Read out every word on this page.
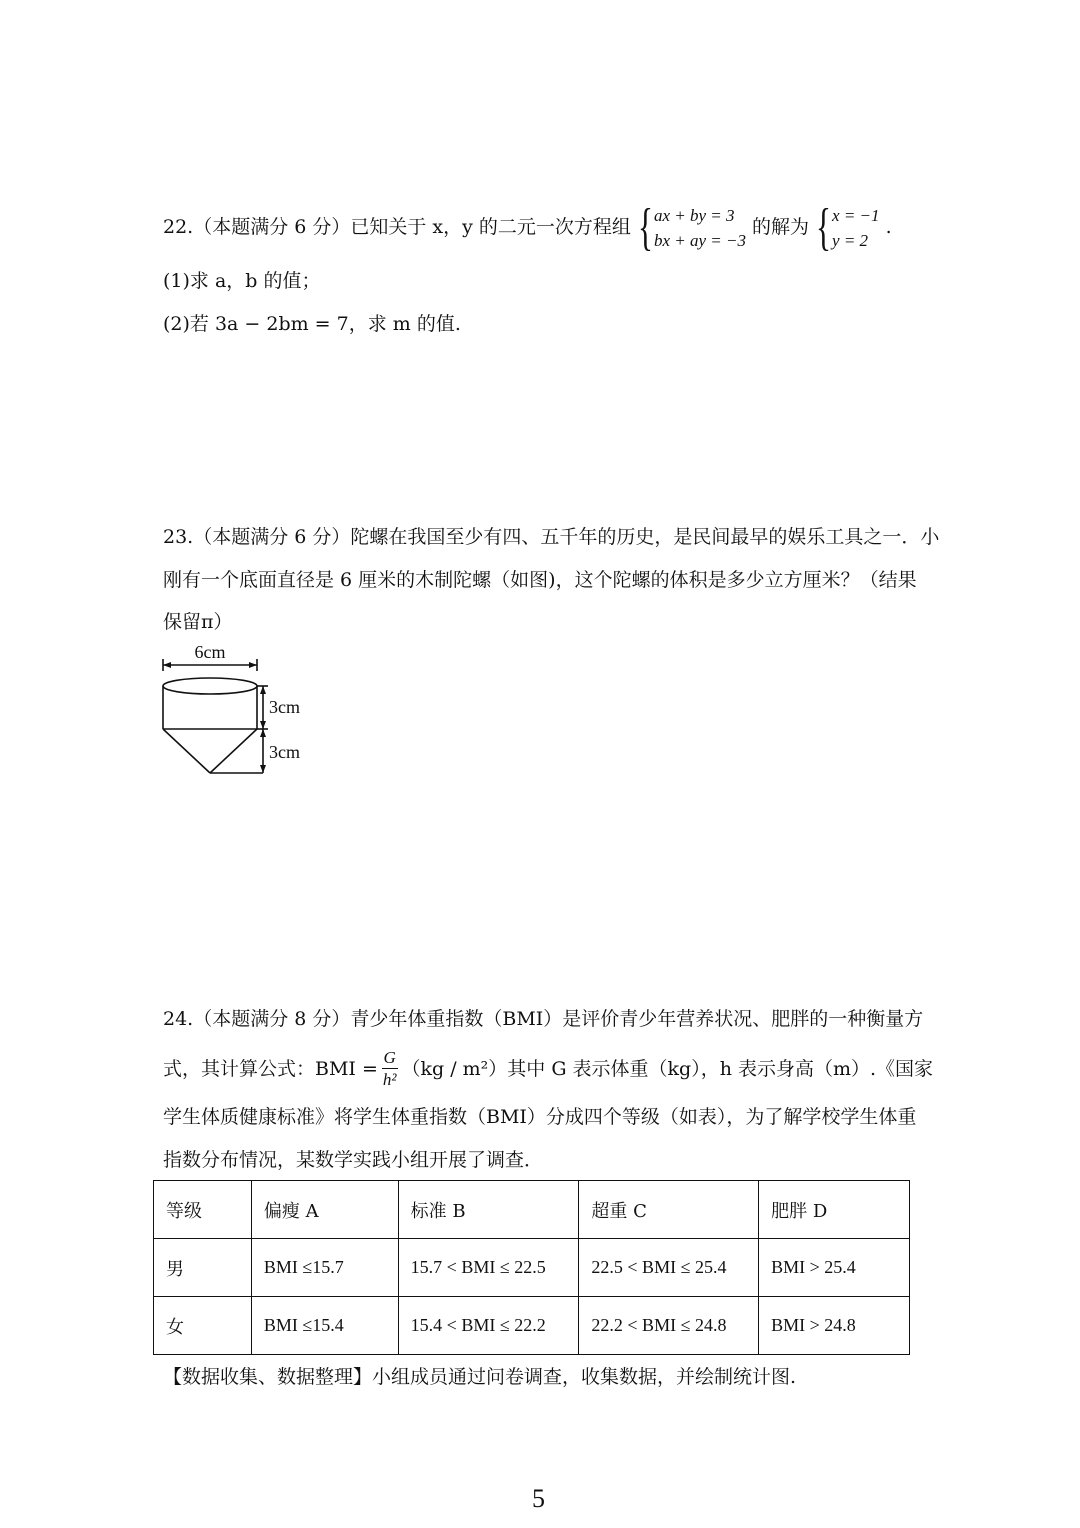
22.（本题满分 6 分）已知关于 x，y 的二元一次方程组 { ax + by = 3
bx + ay = −3
的解为 { x = −1
y = 2
.
(1)求 a，b 的值；
(2)若 3a − 2bm = 7，求 m 的值.
23.（本题满分 6 分）陀螺在我国至少有四、五千年的历史，是民间最早的娱乐工具之一．小
刚有一个底面直径是 6 厘米的木制陀螺（如图)，这个陀螺的体积是多少立方厘米？（结果
保留π）
6cm
3cm
3cm
24.（本题满分 8 分）青少年体重指数（BMI）是评价青少年营养状况、肥胖的一种衡量方
式，其计算公式：BMI = $\frac{G}{\text{h²}} (kg / m^2)$其中 G 表示体重（kg），h 表示身高（m）.《国家
学生体质健康标准》将学生体重指数（BMI）分成四个等级（如表），为了解学校学生体重
指数分布情况，某数学实践小组开展了调查．
等级	偏瘦 A	标准 B	超重 C	肥胖 D
男	BMI ≤15.7	15.7 < BMI ≤ 22.5	22.5 < BMI ≤ 25.4	BMI > 25.4
女	BMI ≤15.4	15.4 < BMI ≤ 22.2	22.2 < BMI ≤ 24.8	BMI > 24.8
【数据收集、数据整理】小组成员通过问卷调查，收集数据，并绘制统计图.
5
